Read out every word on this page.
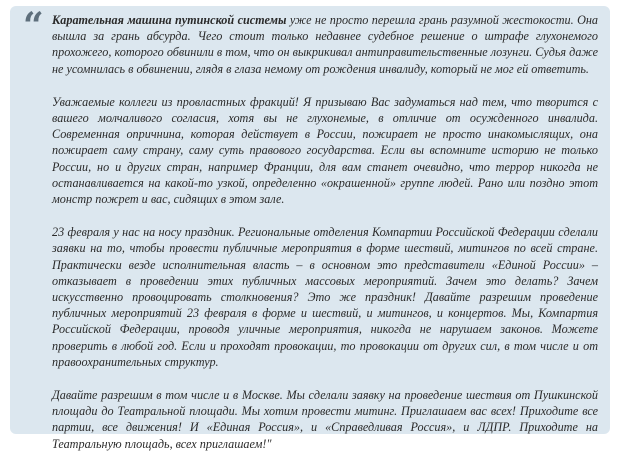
“ Карательная машина путинской системы уже не просто перешла грань разумной жестокости. Она вышла за грань абсурда. Чего стоит только недавнее судебное решение о штрафе глухонемого прохожего, которого обвинили в том, что он выкрикивал антиправительственные лозунги. Судья даже не усомнилась в обвинении, глядя в глаза немому от рождения инвалиду, который не мог ей ответить.

Уважаемые коллеги из провластных фракций! Я призываю Вас задуматься над тем, что творится с вашего молчаливого согласия, хотя вы не глухонемые, в отличие от осужденного инвалида. Современная опричнина, которая действует в России, пожирает не просто инакомыслящих, она пожирает саму страну, саму суть правового государства. Если вы вспомните историю не только России, но и других стран, например Франции, для вам станет очевидно, что террор никогда не останавливается на какой-то узкой, определенно «окрашенной» группе людей. Рано или поздно этот монстр пожрет и вас, сидящих в этом зале.

23 февраля у нас на носу праздник. Региональные отделения Компартии Российской Федерации сделали заявки на то, чтобы провести публичные мероприятия в форме шествий, митингов по всей стране. Практически везде исполнительная власть – в основном это представители «Единой России» – отказывает в проведении этих публичных массовых мероприятий. Зачем это делать? Зачем искусственно провоцировать столкновения? Это же праздник! Давайте разрешим проведение публичных мероприятий 23 февраля в форме и шествий, и митингов, и концертов. Мы, Компартия Российской Федерации, проводя уличные мероприятия, никогда не нарушаем законов. Можете проверить в любой год. Если и проходят провокации, то провокации от других сил, в том числе и от правоохранительных структур.

Давайте разрешим в том числе и в Москве. Мы сделали заявку на проведение шествия от Пушкинской площади до Театральной площади. Мы хотим провести митинг. Приглашаем вас всех! Приходите все партии, все движения! И «Единая Россия», и «Справедливая Россия», и ЛДПР. Приходите на Театральную площадь, всех приглашаем!"
